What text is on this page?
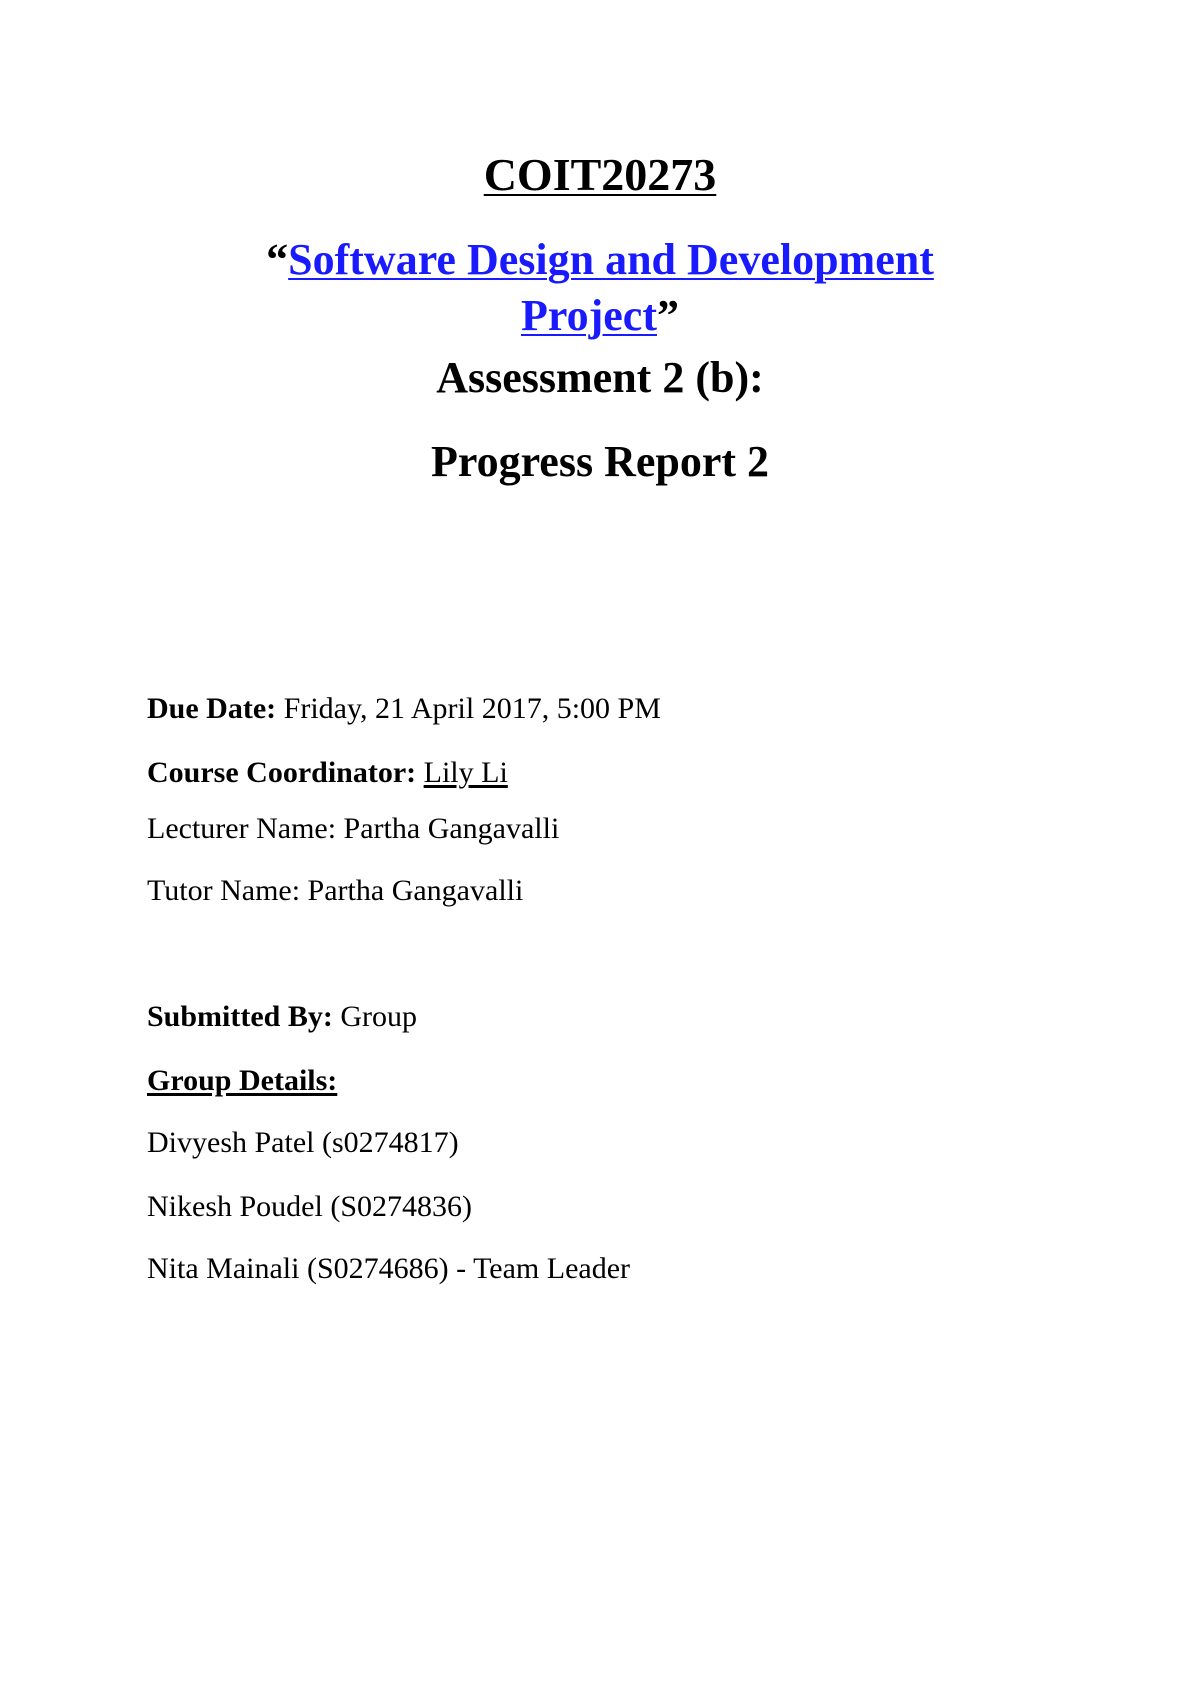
COIT20273
“Software Design and Development
Project”
Assessment 2 (b):
Progress Report 2
Due Date: Friday, 21 April 2017, 5:00 PM
Course Coordinator: Lily Li
Lecturer Name: Partha Gangavalli
Tutor Name: Partha Gangavalli
Submitted By: Group
Group Details:
Divyesh Patel (s0274817)
Nikesh Poudel (S0274836)
Nita Mainali (S0274686) - Team Leader
